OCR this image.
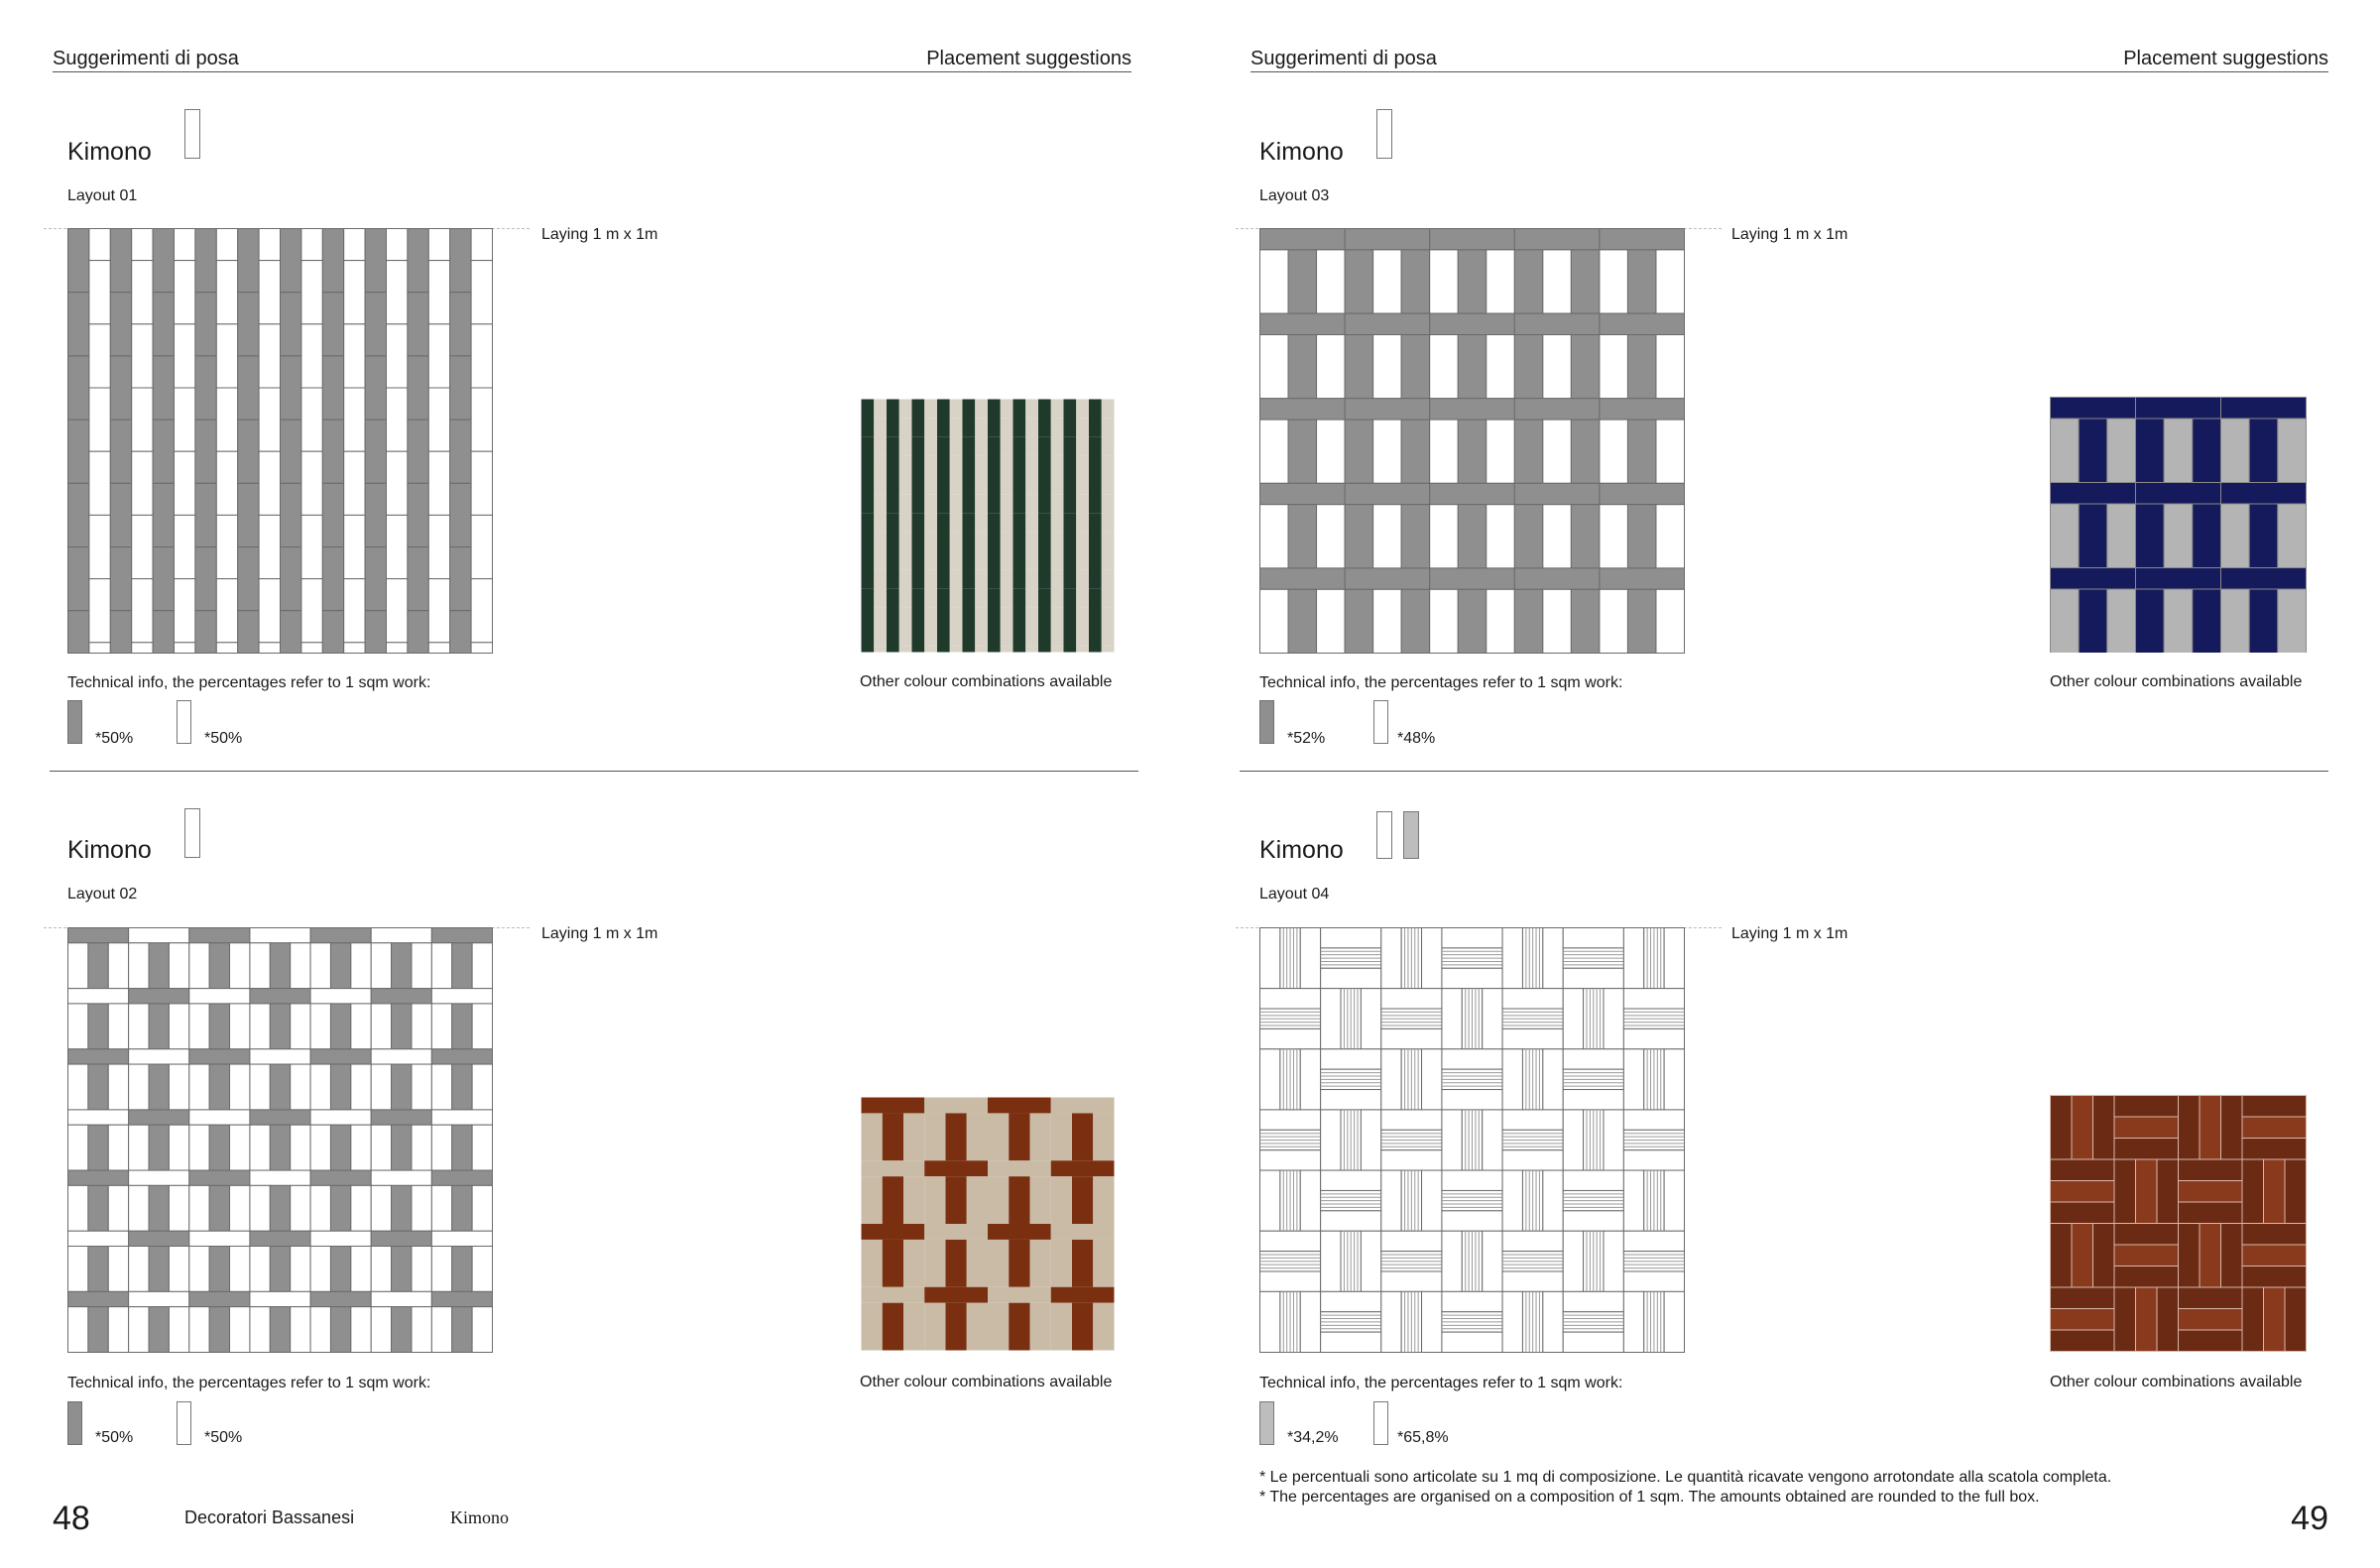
Suggerimenti di posa	Placement suggestions	Suggerimenti di posa	Placement suggestions
Kimono
Layout 01
Laying 1 m x 1m
Other colour combinations available
Technical info, the percentages refer to 1 sqm work:
*50%	*50%
Kimono
Layout 02
Laying 1 m x 1m
Other colour combinations available
Technical info, the percentages refer to 1 sqm work:
*50%	*50%
Kimono
Layout 03
Laying 1 m x 1m
Other colour combinations available
Technical info, the percentages refer to 1 sqm work:
*52%	*48%
Kimono
Layout 04
Laying 1 m x 1m
Other colour combinations available
Technical info, the percentages refer to 1 sqm work:
*34,2%	*65,8%
* Le percentuali sono articolate su 1 mq di composizione. Le quantità ricavate vengono arrotondate alla scatola completa.
* The percentages are organised on a composition of 1 sqm. The amounts obtained are rounded to the full box.
48	Decoratori Bassanesi	Kimono	49
